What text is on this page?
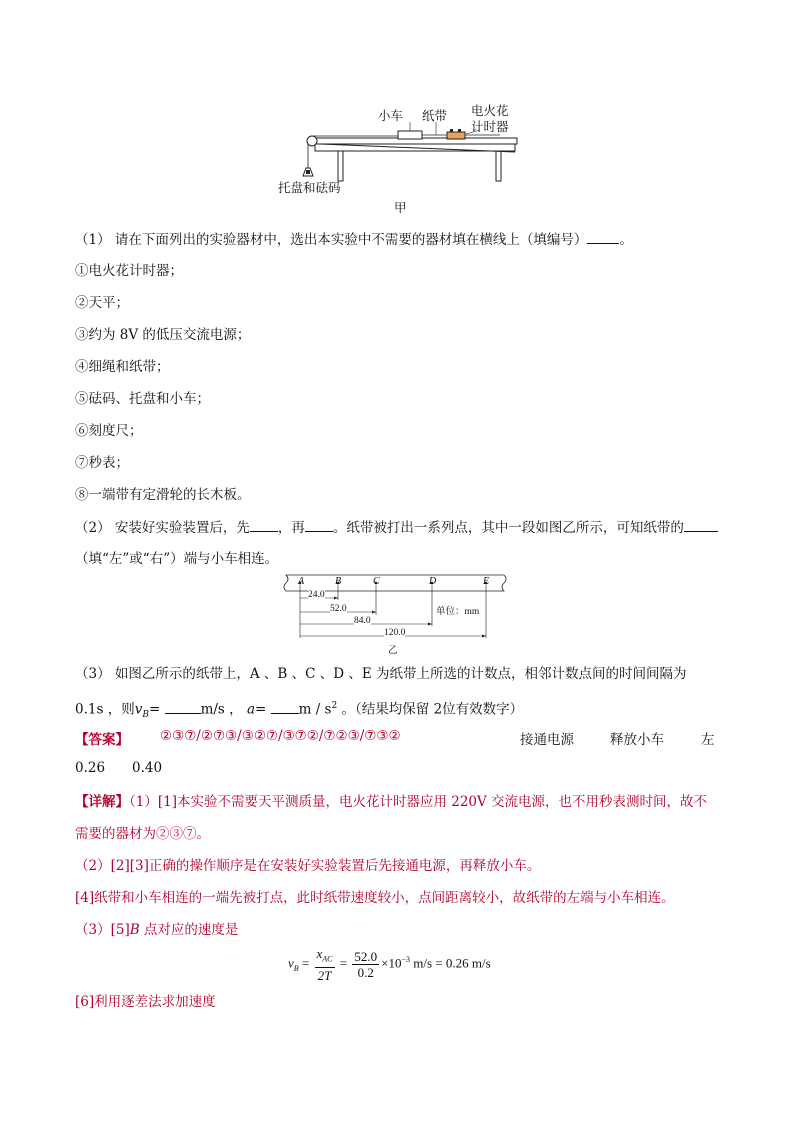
小车 纸带 电火花
计时器
托盘和砝码
甲
（1） 请在下面列出的实验器材中，选出本实验中不需要的器材填在横线上（填编号） 。
①电火花计时器；
②天平；
③约为 8V 的低压交流电源；
④细绳和纸带；
⑤砝码、托盘和小车；
⑥刻度尺；
⑦秒表；
⑧一端带有定滑轮的长木板。
（2） 安装好实验装置后，先 ，再 。纸带被打出一系列点，其中一段如图乙所示，可知纸带的
（填“左”或“右”）端与小车相连。
A	B	C	D	E
24.0
52.0
84.0
120.0
单位：mm
乙
（3） 如图乙所示的纸带上，A 、B 、C 、D 、E 为纸带上所选的计数点，相邻计数点间的时间间隔为
0.1s ，则$v_B=$	m/s ， $a= m / s^2$ 。（结果均保留 2位有效数字）
【答案】 ②③⑦/②⑦③/③②⑦/③⑦②/⑦②③/⑦③②	接通电源	释放小车	左
0.26 0.40
【详解】（1）[1]本实验不需要天平测质量，电火花计时器应用 220V 交流电源，也不用秒表测时间，故不
需要的器材为②③⑦。
（2）[2][3]正确的操作顺序是在安装好实验装置后先接通电源，再释放小车。
[4]纸带和小车相连的一端先被打点，此时纸带速度较小，点间距离较小，故纸带的左端与小车相连。
（3）[5]B 点对应的速度是
$v_B = \frac{x_{AC}}{2T} = \frac{52.0}{0.2} \times 10^{-3}$ m/s = 0.26 m/s
[6]利用逐差法求加速度
